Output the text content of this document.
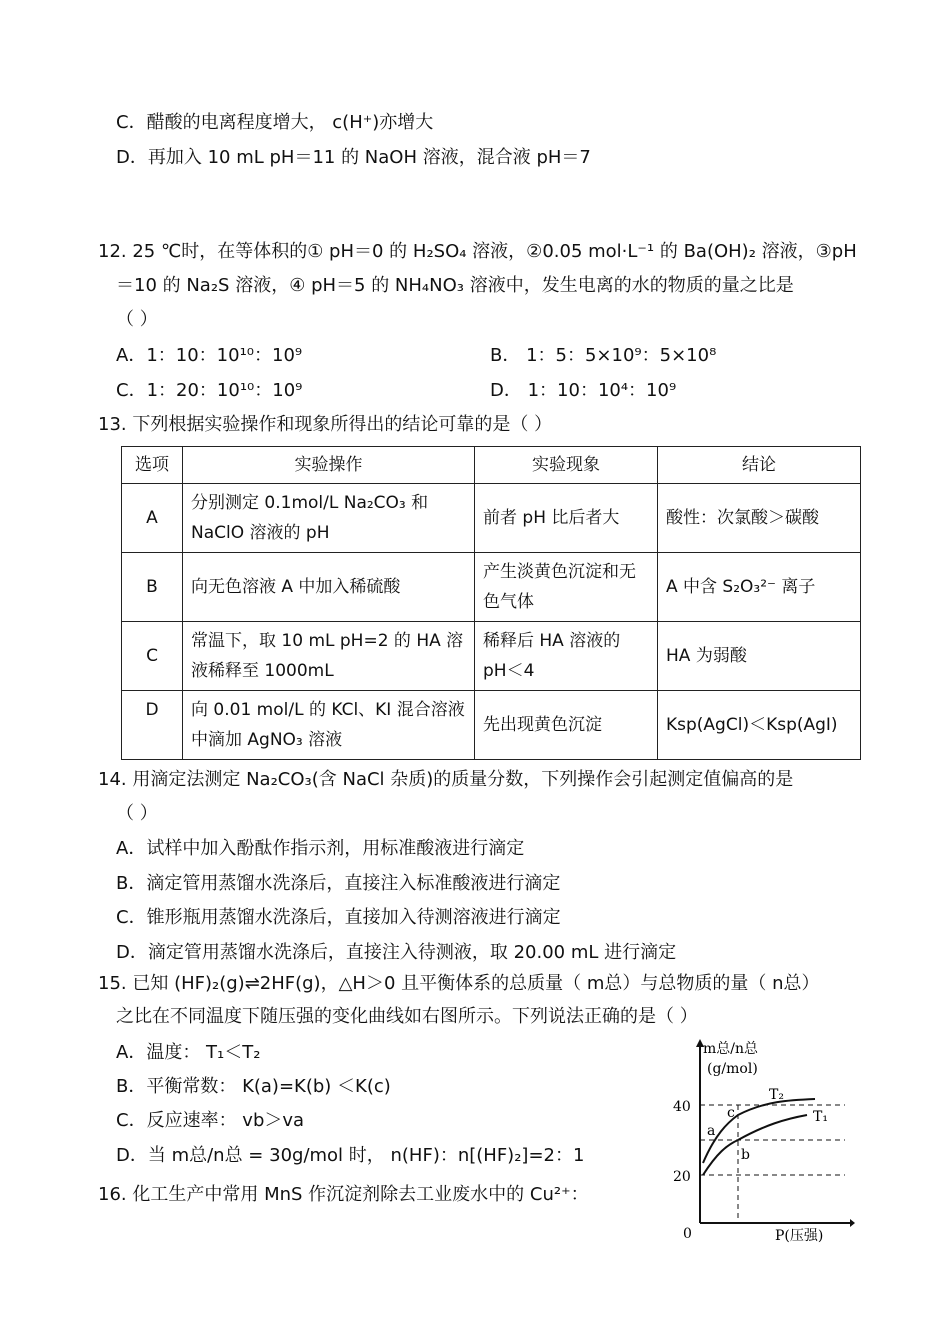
C．醋酸的电离程度增大， c(H⁺)亦增大
D．再加入 10 mL pH＝11 的 NaOH 溶液，混合液 pH＝7
12. 25 ℃时，在等体积的① pH＝0 的 H₂SO₄ 溶液，②0.05 mol·L⁻¹ 的 Ba(OH)₂ 溶液，③pH
＝10 的 Na₂S 溶液，④ pH＝5 的 NH₄NO₃ 溶液中，发生电离的水的物质的量之比是
（ ）
A．1：10：10¹⁰：10⁹	B． 1：5：5×10⁹：5×10⁸
C．1：20：10¹⁰：10⁹	D． 1：10：10⁴：10⁹
13. 下列根据实验操作和现象所得出的结论可靠的是（ ）
选项	实验操作	实验现象	结论
A	分别测定 0.1mol/L Na₂CO₃ 和 NaClO 溶液的 pH	前者 pH 比后者大	酸性：次氯酸＞碳酸
B	向无色溶液 A 中加入稀硫酸	产生淡黄色沉淀和无色气体	A 中含 S₂O₃²⁻ 离子
C	常温下，取 10 mL pH=2 的 HA 溶液稀释至 1000mL	稀释后 HA 溶液的 pH＜4	HA 为弱酸
D	向 0.01 mol/L 的 KCl、KI 混合溶液中滴加 AgNO₃ 溶液	先出现黄色沉淀	Ksp(AgCl)＜Ksp(AgI)
14. 用滴定法测定 Na₂CO₃(含 NaCl 杂质)的质量分数，下列操作会引起测定值偏高的是
（ ）
A．试样中加入酚酞作指示剂，用标准酸液进行滴定
B．滴定管用蒸馏水洗涤后，直接注入标准酸液进行滴定
C．锥形瓶用蒸馏水洗涤后，直接加入待测溶液进行滴定
D．滴定管用蒸馏水洗涤后，直接注入待测液，取 20.00 mL 进行滴定
15. 已知 (HF)₂(g)⇌2HF(g)，△H＞0 且平衡体系的总质量（ m总）与总物质的量（ n总）
之比在不同温度下随压强的变化曲线如右图所示。下列说法正确的是（ ）
A．温度： T₁＜T₂
B．平衡常数： K(a)=K(b) ＜K(c)
C．反应速率： vb＞va
D．当 m总/n总 = 30g/mol 时， n(HF)：n[(HF)₂]=2：1
16. 化工生产中常用 MnS 作沉淀剂除去工业废水中的 Cu²⁺：
m总/n总
(g/mol)
40
20
0	P(压强)
T₂
T₁
a
b
c
